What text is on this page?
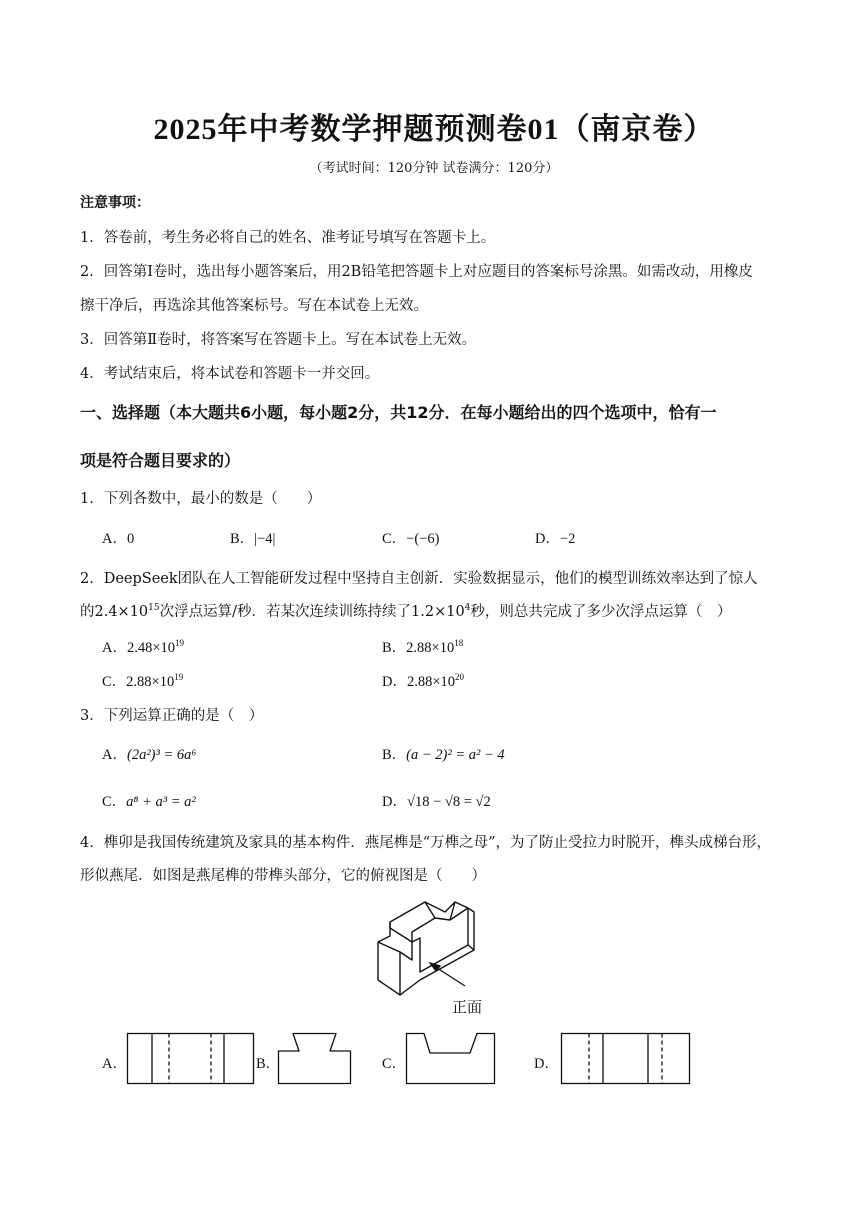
2025年中考数学押题预测卷01（南京卷）
（考试时间：120分钟 试卷满分：120分）
注意事项：
1．答卷前，考生务必将自己的姓名、准考证号填写在答题卡上。
2．回答第Ⅰ卷时，选出每小题答案后，用2B铅笔把答题卡上对应题目的答案标号涂黑。如需改动，用橡皮
擦干净后，再选涂其他答案标号。写在本试卷上无效。
3．回答第Ⅱ卷时，将答案写在答题卡上。写在本试卷上无效。
4．考试结束后，将本试卷和答题卡一并交回。
一、选择题（本大题共6小题，每小题2分，共12分．在每小题给出的四个选项中，恰有一
项是符合题目要求的）
1．下列各数中，最小的数是（　　）
A．0	B．|−4|	C．−(−6)	D．−2
2．DeepSeek团队在人工智能研发过程中坚持自主创新．实验数据显示，他们的模型训练效率达到了惊人
的$2.4\times 10^{15}$次浮点运算/秒．若某次连续训练持续了$1.2\times 10^4$秒，则总共完成了多少次浮点运算（　）
A．$2.48\times 10^{19}$	B．$2.88\times 10^{18}$
C．$2.88\times 10^{19}$	D．$2.88\times 10^{20}$
3．下列运算正确的是（　）
A．(2a²)³ = 6a⁶	B．(a − 2)² = a² − 4
C．a⁸ + a³ = a²	D．√18 − √8 = √2
4．榫卯是我国传统建筑及家具的基本构件．燕尾榫是“万榫之母”，为了防止受拉力时脱开，榫头成梯台形，
形似燕尾．如图是燕尾榫的带榫头部分，它的俯视图是（　　）
正面
A．	B．	C．	D．
